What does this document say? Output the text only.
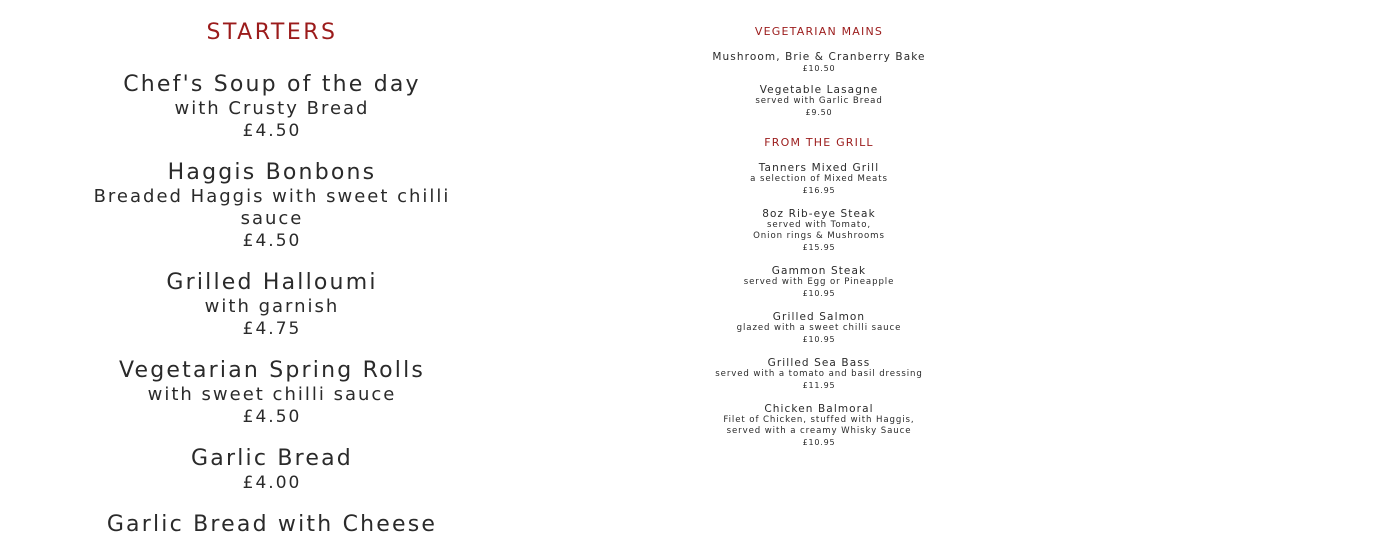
STARTERS
Chef's Soup of the day
with Crusty Bread
£4.50
Haggis Bonbons
Breaded Haggis with sweet chilli sauce
£4.50
Grilled Halloumi
with garnish
£4.75
Vegetarian Spring Rolls
with sweet chilli sauce
£4.50
Garlic Bread
£4.00
Garlic Bread with Cheese
VEGETARIAN MAINS
Mushroom, Brie & Cranberry Bake
£10.50
Vegetable Lasagne
served with Garlic Bread
£9.50
FROM THE GRILL
Tanners Mixed Grill
a selection of Mixed Meats
£16.95
8oz Rib-eye Steak
served with Tomato,
Onion rings & Mushrooms
£15.95
Gammon Steak
served with Egg or Pineapple
£10.95
Grilled Salmon
glazed with a sweet chilli sauce
£10.95
Grilled Sea Bass
served with a tomato and basil dressing
£11.95
Chicken Balmoral
Filet of Chicken, stuffed with Haggis,
served with a creamy Whisky Sauce
£10.95
